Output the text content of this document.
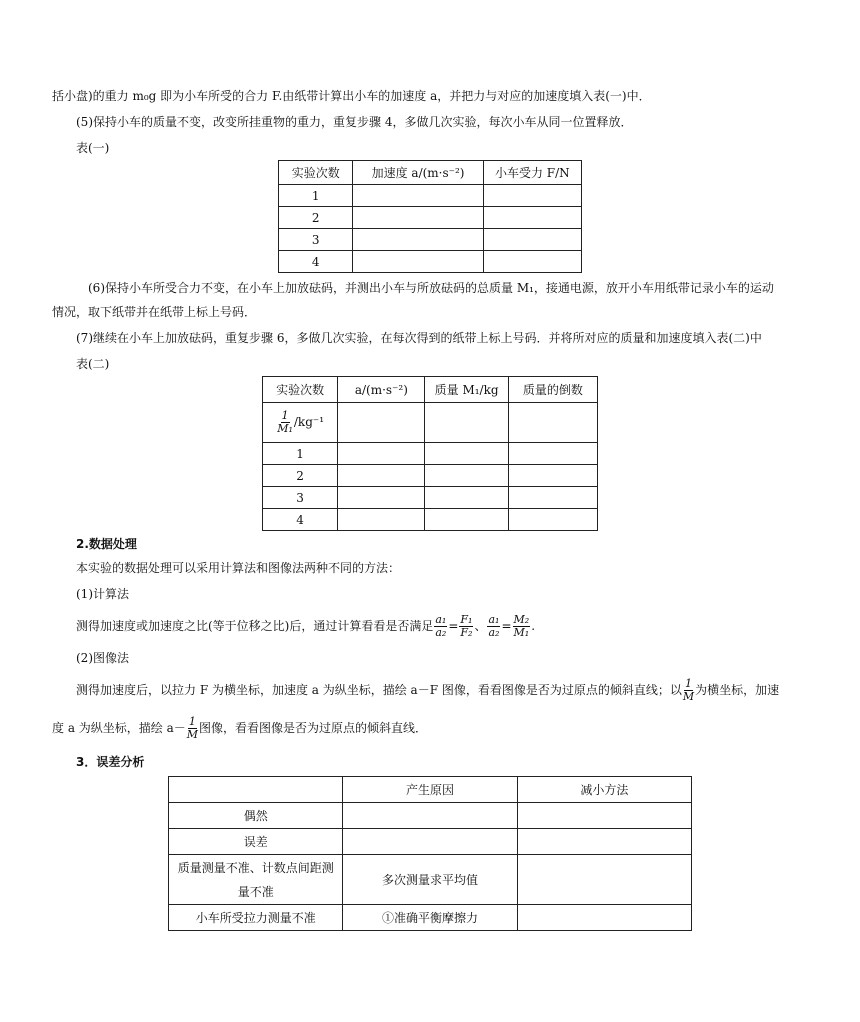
括小盘)的重力 m₀g 即为小车所受的合力 F.由纸带计算出小车的加速度 a，并把力与对应的加速度填入表(一)中．
(5)保持小车的质量不变，改变所挂重物的重力，重复步骤 4，多做几次实验，每次小车从同一位置释放．
表(一)
实验次数	加速度 a/(m·s⁻²)	小车受力 F/N
1		
2		
3		
4		
(6)保持小车所受合力不变，在小车上加放砝码，并测出小车与所放砝码的总质量 M₁，接通电源，放开小车用纸带记录小车的运动
情况，取下纸带并在纸带上标上号码．
(7)继续在小车上加放砝码，重复步骤 6，多做几次实验，在每次得到的纸带上标上号码．并将所对应的质量和加速度填入表(二)中
表(二)
实验次数	a/(m·s⁻²)	质量 M₁/kg	质量的倒数

$\frac{1}{\text{M₁}} /kg^{-1}$			
1			
2			
3			
4			
2.数据处理
本实验的数据处理可以采用计算法和图像法两种不同的方法：
(1)计算法
测得加速度或加速度之比(等于位移之比)后，通过计算看看是否满足 $\frac{\text{a₁}}{\text{a₂}} = \frac{\text{F₁}}{\text{F₂}}$ 、 $\frac{\text{a₁}}{\text{a₂}} = \frac{\text{M₂}}{\text{M₁}}$ .
(2)图像法
测得加速度后，以拉力 F 为横坐标，加速度 a 为纵坐标，描绘 a－F 图像，看看图像是否为过原点的倾斜直线；以 $\frac{1}{M}$ 为横坐标，加速
度 a 为纵坐标，描绘 $a- \frac{1}{M}$ 图像，看看图像是否为过原点的倾斜直线．
3．误差分析
	产生原因	减小方法
偶然		
误差		
质量测量不准、计数点间距测量不准	多次测量求平均值	
小车所受拉力测量不准	①准确平衡摩擦力	
